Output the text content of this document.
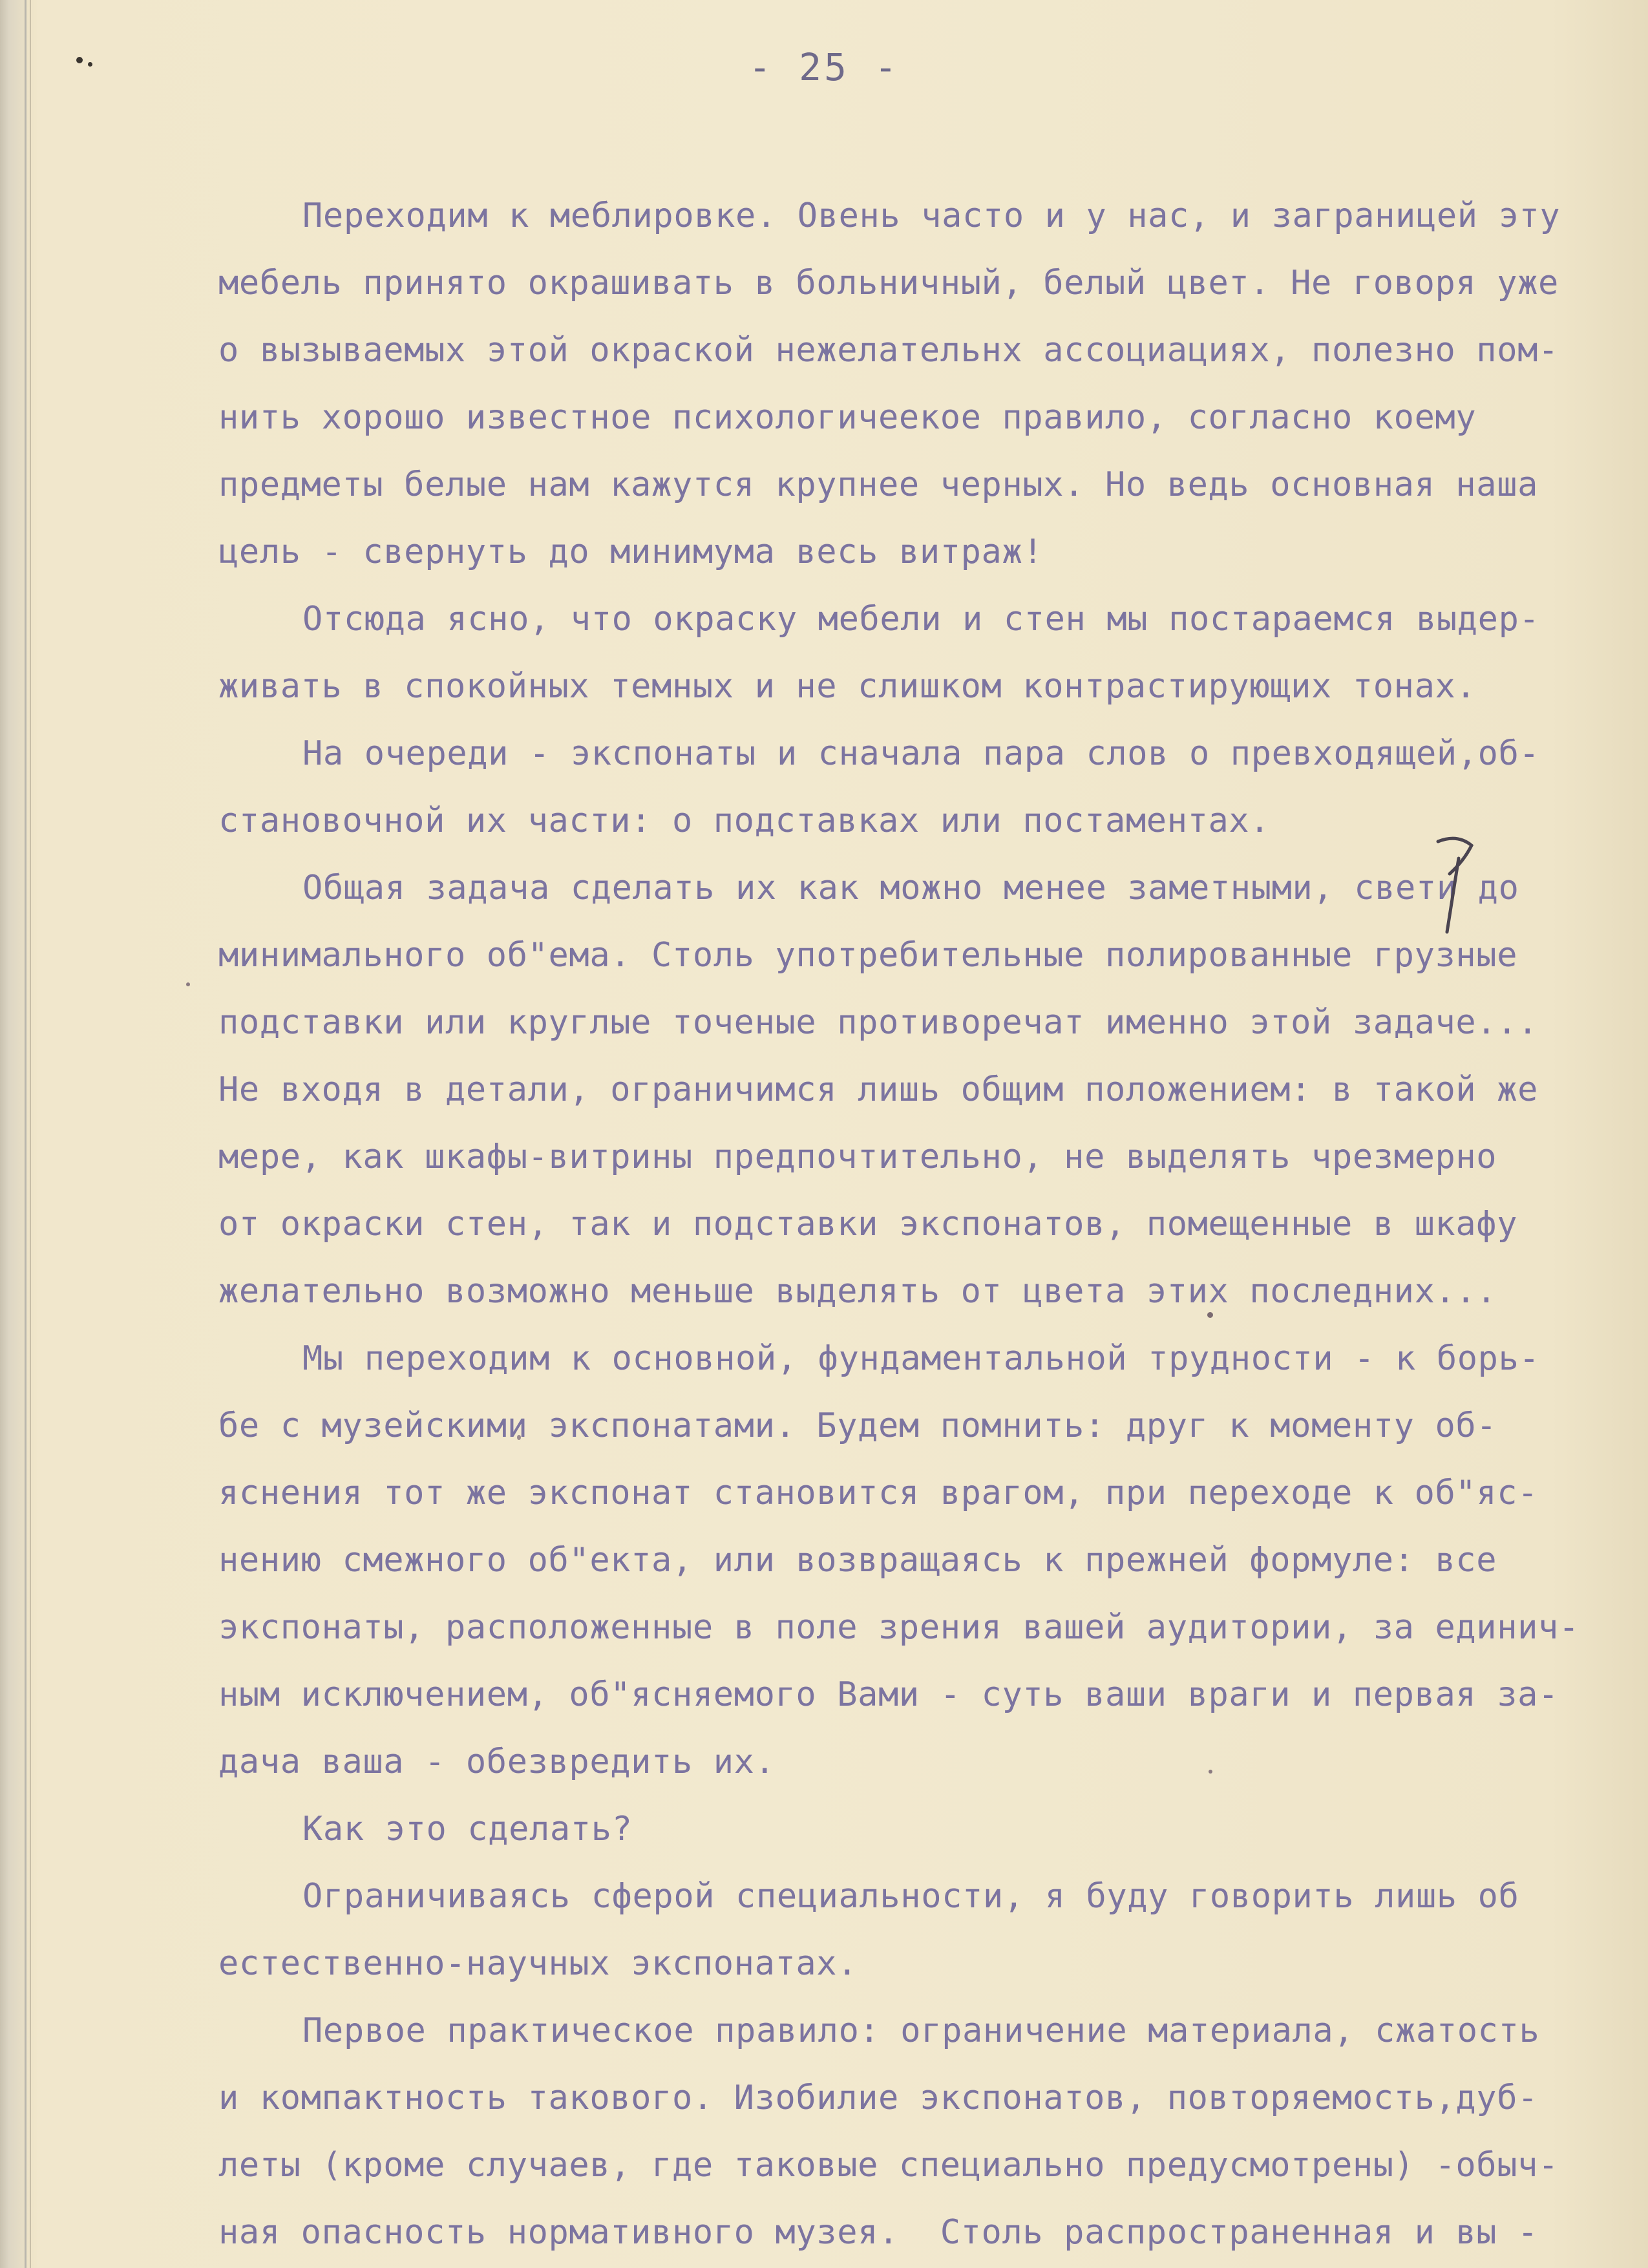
- 25 -
Переходим к меблировке. Овень часто и у нас, и заграницей эту
мебель принято окрашивать в больничный, белый цвет. Не говоря уже
о вызываемых этой окраской нежелательнх ассоциациях, полезно пом-
нить хорошо известное психологичеекое правило, согласно коему
предметы белые нам кажутся крупнее черных. Но ведь основная наша
цель - свернуть до минимума весь витраж!
Отсюда ясно, что окраску мебели и стен мы постараемся выдер-
живать в спокойных темных и не слишком контрастирующих тонах.
На очереди - экспонаты и сначала пара слов о превходящей,об-
становочной их части: о подставках или постаментах.
Общая задача сделать их как можно менее заметными, свети до
минимального об"ема. Столь употребительные полированные грузные
подставки или круглые точеные противоречат именно этой задаче...
Не входя в детали, ограничимся лишь общим положением: в такой же
мере, как шкафы-витрины предпочтительно, не выделять чрезмерно
от окраски стен, так и подставки экспонатов, помещенные в шкафу
желательно возможно меньше выделять от цвета этих последних...
Мы переходим к основной, фундаментальной трудности - к борь-
бе с музейскими экспонатами. Будем помнить: друг к моменту об-
яснения тот же экспонат становится врагом, при переходе к об"яс-
нению смежного об"екта, или возвращаясь к прежней формуле: все
экспонаты, расположенные в поле зрения вашей аудитории, за единич-
ным исключением, об"ясняемого Вами - суть ваши враги и первая за-
дача ваша - обезвредить их.
Как это сделать?
Ограничиваясь сферой специальности, я буду говорить лишь об
естественно-научных экспонатах.
Первое практическое правило: ограничение материала, сжатость
и компактность такового. Изобилие экспонатов, повторяемость,дуб-
леты (кроме случаев, где таковые специально предусмотрены) -обыч-
ная опасность нормативного музея.  Столь распространенная и вы -
